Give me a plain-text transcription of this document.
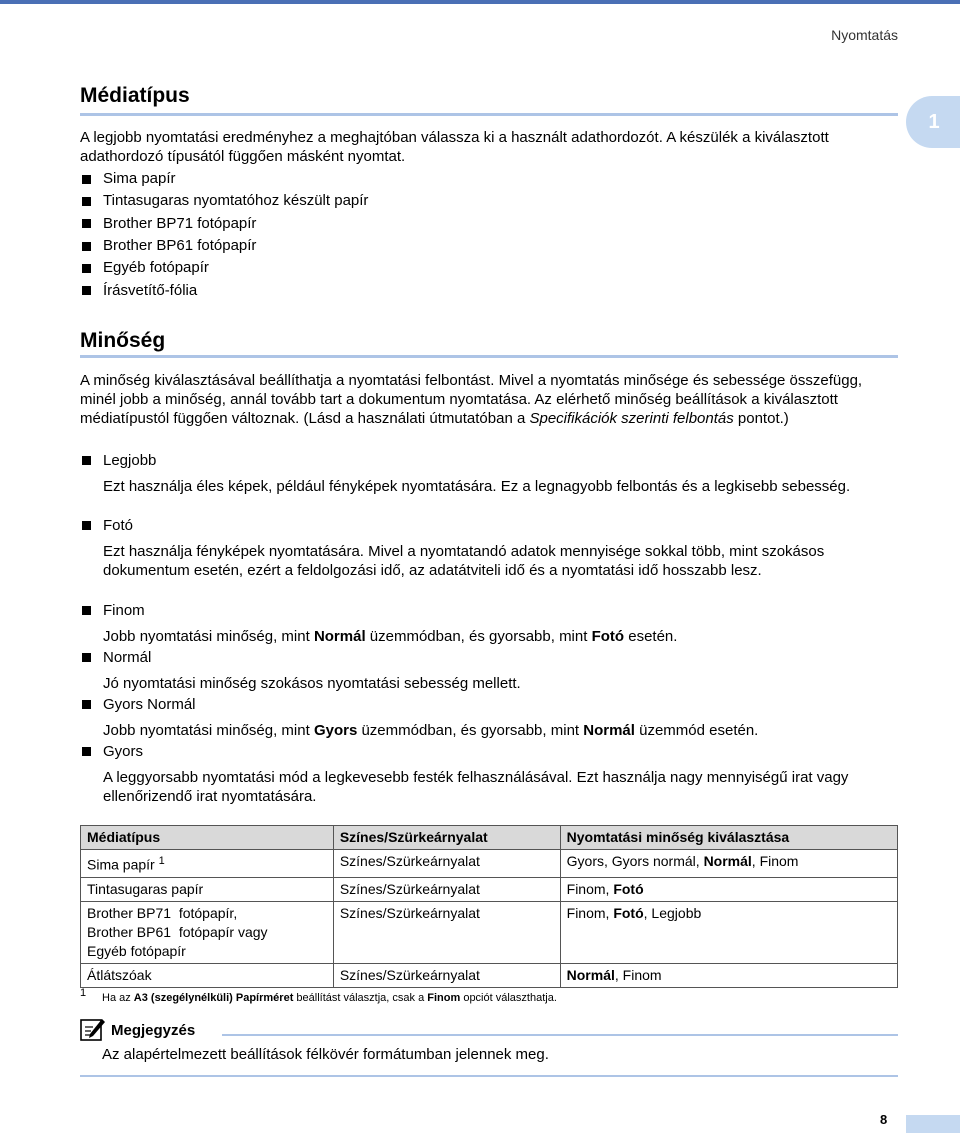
Nyomtatás
1
Médiatípus
A legjobb nyomtatási eredményhez a meghajtóban válassza ki a használt adathordozót. A készülék a kiválasztott adathordozó típusától függően másként nyomtat.
Sima papír
Tintasugaras nyomtatóhoz készült papír
Brother BP71 fotópapír
Brother BP61 fotópapír
Egyéb fotópapír
Írásvetítő-fólia
Minőség
A minőség kiválasztásával beállíthatja a nyomtatási felbontást. Mivel a nyomtatás minősége és sebessége összefügg, minél jobb a minőség, annál tovább tart a dokumentum nyomtatása. Az elérhető minőség beállítások a kiválasztott médiatípustól függően változnak. (Lásd a használati útmutatóban a Specifikációk szerinti felbontás pontot.)
Legjobb
Ezt használja éles képek, például fényképek nyomtatására. Ez a legnagyobb felbontás és a legkisebb sebesség.
Fotó
Ezt használja fényképek nyomtatására. Mivel a nyomtatandó adatok mennyisége sokkal több, mint szokásos dokumentum esetén, ezért a feldolgozási idő, az adatátviteli idő és a nyomtatási idő hosszabb lesz.
Finom
Jobb nyomtatási minőség, mint Normál üzemmódban, és gyorsabb, mint Fotó esetén.
Normál
Jó nyomtatási minőség szokásos nyomtatási sebesség mellett.
Gyors Normál
Jobb nyomtatási minőség, mint Gyors üzemmódban, és gyorsabb, mint Normál üzemmód esetén.
Gyors
A leggyorsabb nyomtatási mód a legkevesebb festék felhasználásával. Ezt használja nagy mennyiségű irat vagy ellenőrizendő irat nyomtatására.
Médiatípus	Színes/Szürkeárnyalat	Nyomtatási minőség kiválasztása
Sima papír $^1$	Színes/Szürkeárnyalat	Gyors, Gyors normál, Normál, Finom
Tintasugaras papír	Színes/Szürkeárnyalat	Finom, Fotó

Brother BP71  fotópapír,
Brother BP61  fotópapír vagy
Egyéb fotópapír	Színes/Szürkeárnyalat	Finom, Fotó, Legjobb
Átlátszóak	Színes/Szürkeárnyalat	Normál, Finom
1	Ha az A3 (szegélynélküli) Papírméret beállítást választja, csak a Finom opciót választhatja.
Megjegyzés
Az alapértelmezett beállítások félkövér formátumban jelennek meg.
8
